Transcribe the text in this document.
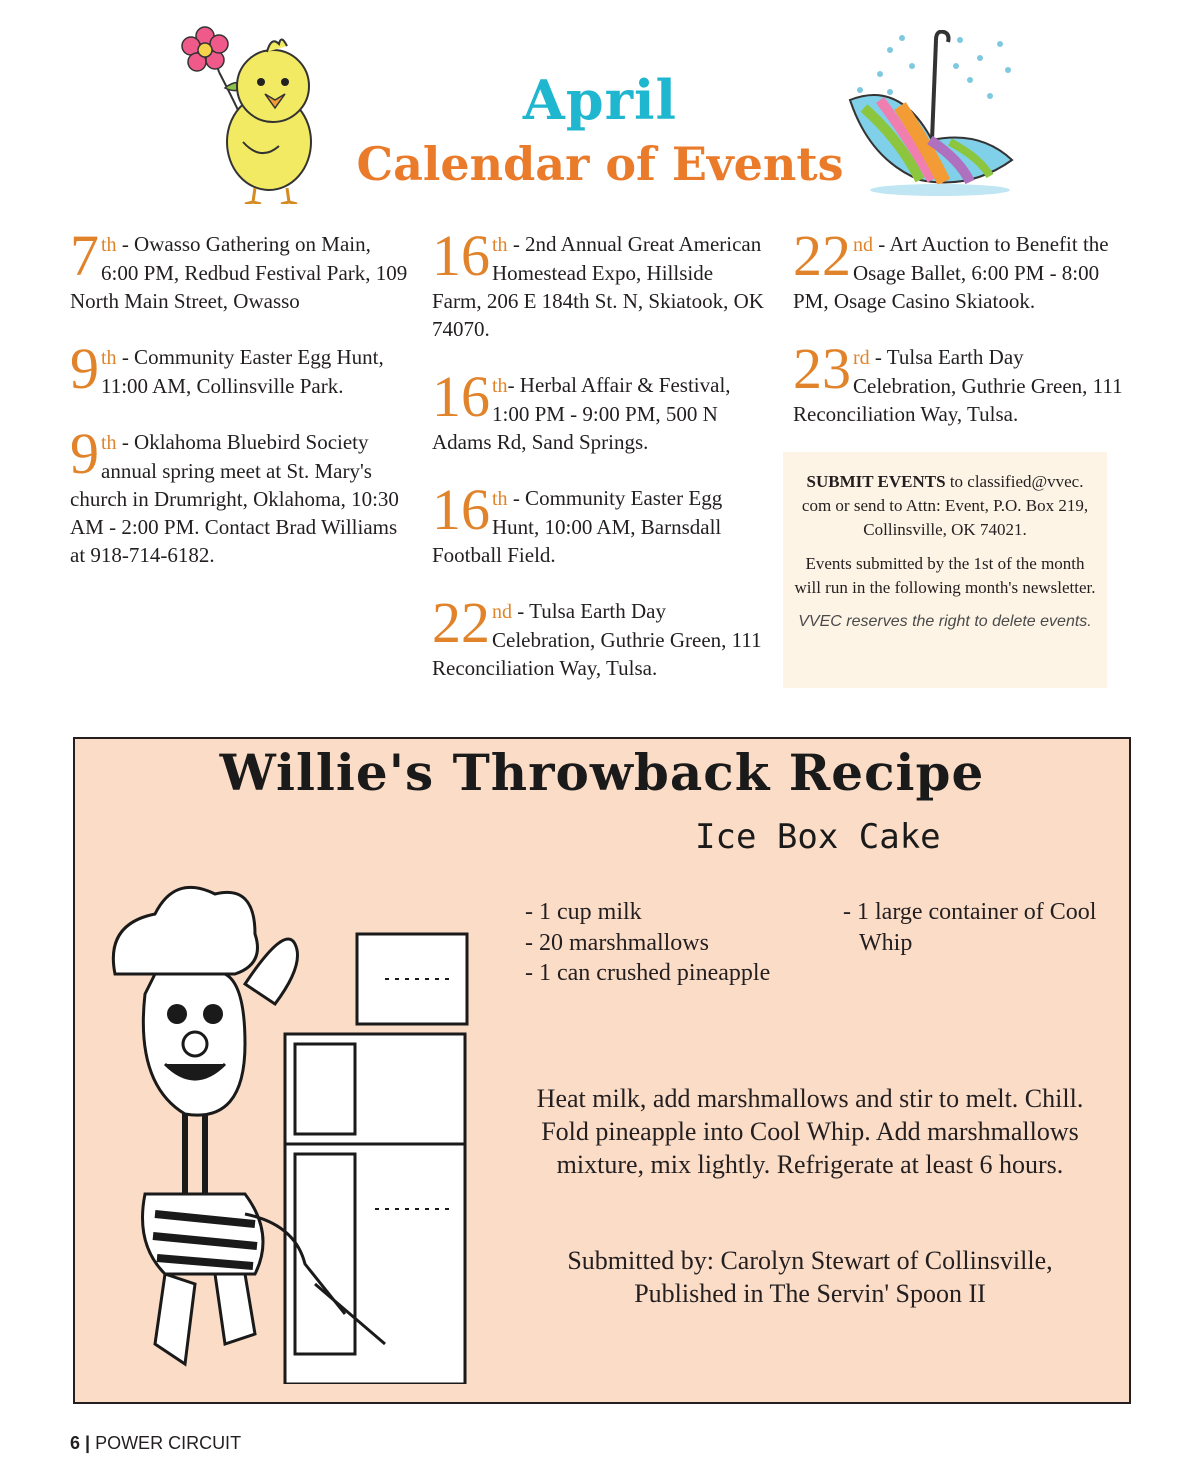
April
Calendar of Events
7 th - Owasso Gathering on Main, 6:00 PM, Redbud Festival Park, 109 North Main Street, Owasso
9 th - Community Easter Egg Hunt, 11:00 AM, Collinsville Park.
9 th - Oklahoma Bluebird Society annual spring meet at St. Mary's church in Drumright, Oklahoma, 10:30 AM - 2:00 PM. Contact Brad Williams at 918-714-6182.
16 th - 2nd Annual Great American Homestead Expo, Hillside Farm, 206 E 184th St. N, Skiatook, OK 74070.
16 th- Herbal Affair & Festival, 1:00 PM - 9:00 PM, 500 N Adams Rd, Sand Springs.
16 th - Community Easter Egg Hunt, 10:00 AM, Barnsdall Football Field.
22 nd - Tulsa Earth Day Celebration, Guthrie Green, 111 Reconciliation Way, Tulsa.
22 nd - Art Auction to Benefit the Osage Ballet, 6:00 PM - 8:00 PM, Osage Casino Skiatook.
23 rd - Tulsa Earth Day Celebration, Guthrie Green, 111 Reconciliation Way, Tulsa.

SUBMIT EVENTS to classified@vvec. com or send to Attn: Event, P.O. Box 219, Collinsville, OK 74021.

Events submitted by the 1st of the month will run in the following month's newsletter.

VVEC reserves the right to delete events.

Willie's Throwback Recipe
Ice Box Cake
- 1 cup milk
- 20 marshmallows
- 1 can crushed pineapple
- 1 large container of Cool Whip
Heat milk, add marshmallows and stir to melt. Chill. Fold pineapple into Cool Whip. Add marshmallows mixture, mix lightly. Refrigerate at least 6 hours.
Submitted by: Carolyn Stewart of Collinsville,
Published in The Servin' Spoon II
6 | POWER CIRCUIT
